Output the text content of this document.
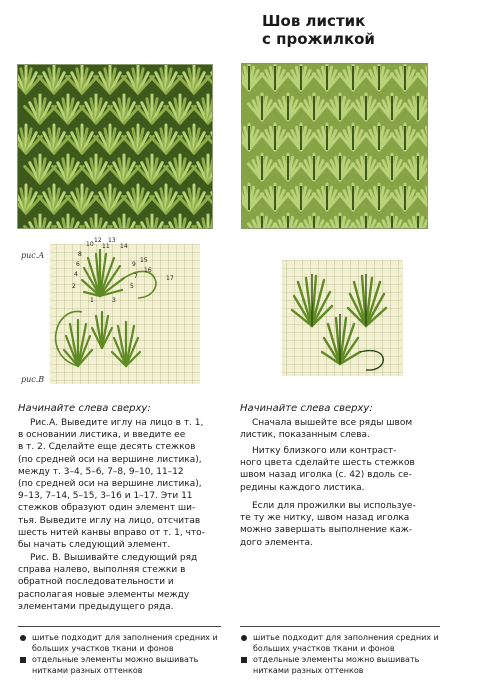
Шов листик
с прожилкой
рис.А
рис.В
10
12 13
11 14
8
6
4
2
1	3
5
7
9
15
16
17
Начинайте слева сверху:
Рис.А. Выведите иглу на лицо в т. 1,
в основании листика, и введите ее
в т. 2. Сделайте еще десять стежков
(по средней оси на вершине листика),
между т. 3–4, 5–6, 7–8, 9–10, 11–12
(по средней оси на вершине листика),
9–13, 7–14, 5–15, 3–16 и 1–17. Эти 11
стежков образуют один элемент ши-
тья. Выведите иглу на лицо, отсчитав
шесть нитей канвы вправо от т. 1, что-
бы начать следующий элемент.
Рис. В. Вышивайте следующий ряд
справа налево, выполняя стежки в
обратной последовательности и
располагая новые элементы между
элементами предыдущего ряда.
Начинайте слева сверху:
Сначала вышейте все ряды швом
листик, показанным слева.
Нитку близкого или контраст-
ного цвета сделайте шесть стежков
швом назад иголка (с. 42) вдоль се-
редины каждого листика.
Если для прожилки вы используе-
те ту же нитку, швом назад иголка
можно завершать выполнение каж-
дого элемента.
шитье подходит для заполнения средних и больших участков ткани и фонов
отдельные элементы можно вышивать нитками разных оттенков
шитье подходит для заполнения средних и больших участков ткани и фонов
отдельные элементы можно вышивать нитками разных оттенков
